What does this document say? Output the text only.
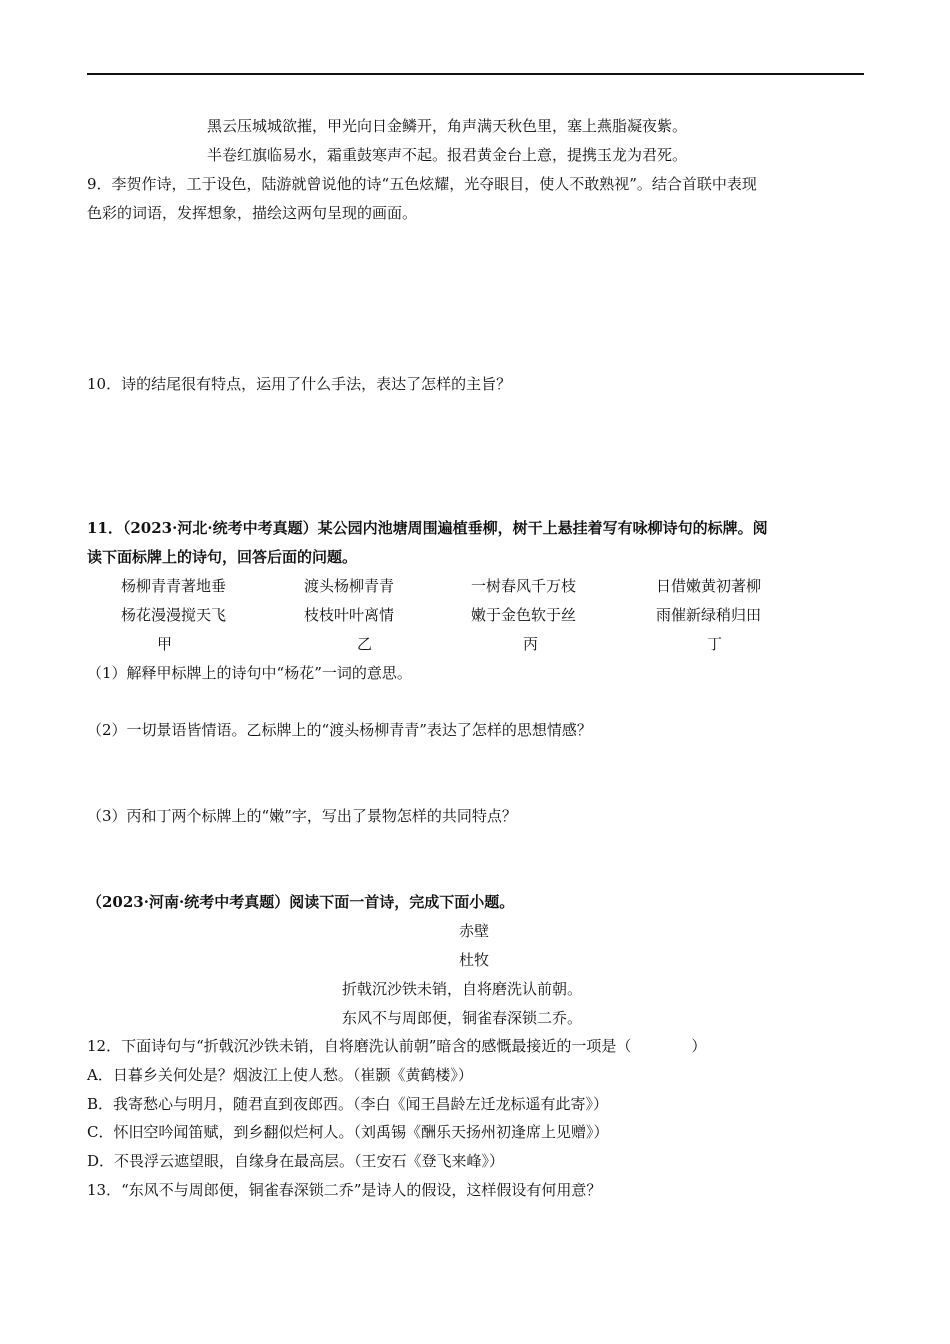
黑云压城城欲摧，甲光向日金鳞开，角声满天秋色里，塞上燕脂凝夜紫。
半卷红旗临易水，霜重鼓寒声不起。报君黄金台上意，提携玉龙为君死。
9．李贺作诗，工于设色，陆游就曾说他的诗“五色炫耀，光夺眼目，使人不敢熟视”。结合首联中表现
色彩的词语，发挥想象，描绘这两句呈现的画面。
10．诗的结尾很有特点，运用了什么手法，表达了怎样的主旨？
11．（2023·河北·统考中考真题）某公园内池塘周围遍植垂柳，树干上悬挂着写有咏柳诗句的标牌。阅
读下面标牌上的诗句，回答后面的问题。
杨柳青青著地垂
杨花漫漫搅天飞
甲
渡头杨柳青青
枝枝叶叶离情
乙
一树春风千万枝
嫩于金色软于丝
丙
日借嫩黄初著柳
雨催新绿稍归田
丁
（1）解释甲标牌上的诗句中“杨花”一词的意思。
（2）一切景语皆情语。乙标牌上的“渡头杨柳青青”表达了怎样的思想情感？
（3）丙和丁两个标牌上的“嫩”字，写出了景物怎样的共同特点？
（2023·河南·统考中考真题）阅读下面一首诗，完成下面小题。
赤壁
杜牧
折戟沉沙铁未销，自将磨洗认前朝。
东风不与周郎便，铜雀春深锁二乔。
12．下面诗句与“折戟沉沙铁未销，自将磨洗认前朝”暗含的感慨最接近的一项是（　　　　）
A．日暮乡关何处是？烟波江上使人愁。（崔颢《黄鹤楼》）
B．我寄愁心与明月，随君直到夜郎西。（李白《闻王昌龄左迁龙标遥有此寄》）
C．怀旧空吟闻笛赋，到乡翻似烂柯人。（刘禹锡《酬乐天扬州初逢席上见赠》）
D．不畏浮云遮望眼，自缘身在最高层。（王安石《登飞来峰》）
13．“东风不与周郎便，铜雀春深锁二乔”是诗人的假设，这样假设有何用意？
